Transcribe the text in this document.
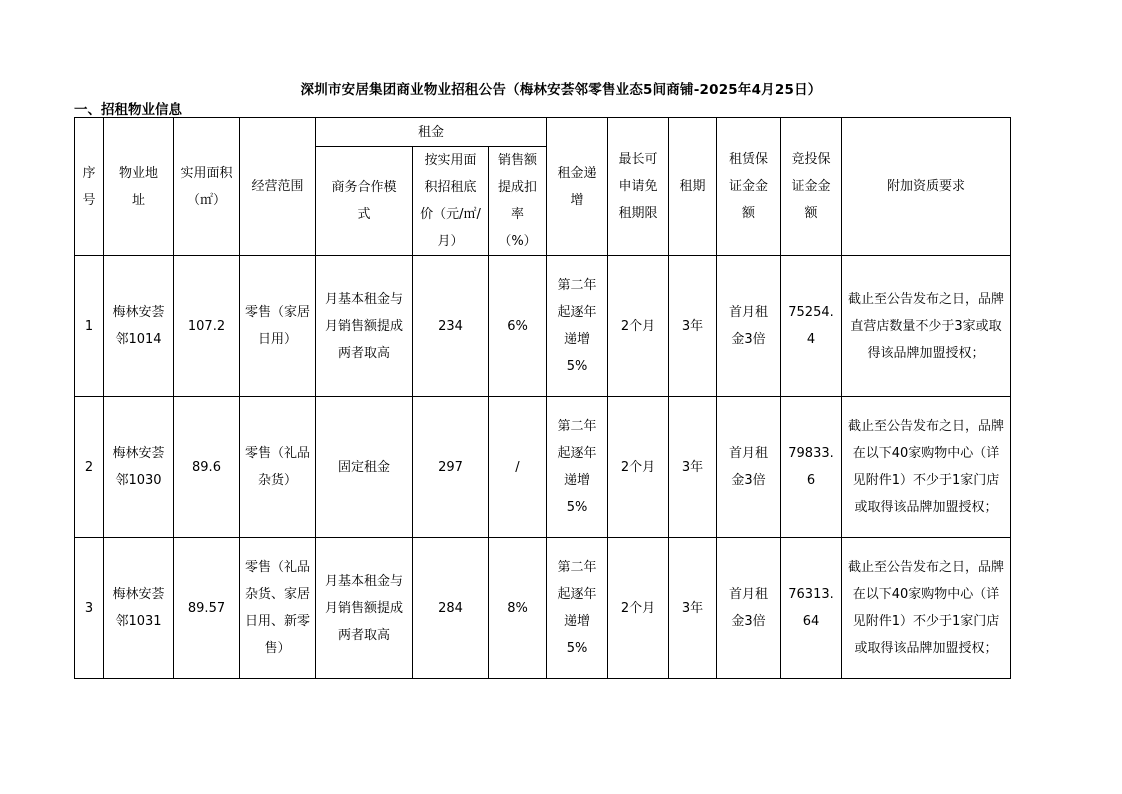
深圳市安居集团商业物业招租公告（梅林安荟邻零售业态5间商铺-2025年4月25日）
一、招租物业信息
序号	物业地址	实用面积（㎡）	经营范围	租金			租金递增	最长可申请免租期限	租期	租赁保证金金额	竞投保证金金额	附加资质要求
				商务合作模式	按实用面积招租底价（元/㎡/月）	销售额提成扣率（%）						
1	梅林安荟邻1014	107.2	零售（家居日用）	月基本租金与月销售额提成两者取高	234	6%	第二年起逐年递增5%	2个月	3年	首月租金3倍	75254.4	截止至公告发布之日，品牌直营店数量不少于3家或取得该品牌加盟授权；
2	梅林安荟邻1030	89.6	零售（礼品杂货）	固定租金	297	/	第二年起逐年递增5%	2个月	3年	首月租金3倍	79833.6	截止至公告发布之日，品牌在以下40家购物中心（详见附件1）不少于1家门店或取得该品牌加盟授权；
3	梅林安荟邻1031	89.57	零售（礼品杂货、家居日用、新零售）	月基本租金与月销售额提成两者取高	284	8%	第二年起逐年递增5%	2个月	3年	首月租金3倍	76313.64	截止至公告发布之日，品牌在以下40家购物中心（详见附件1）不少于1家门店或取得该品牌加盟授权；
